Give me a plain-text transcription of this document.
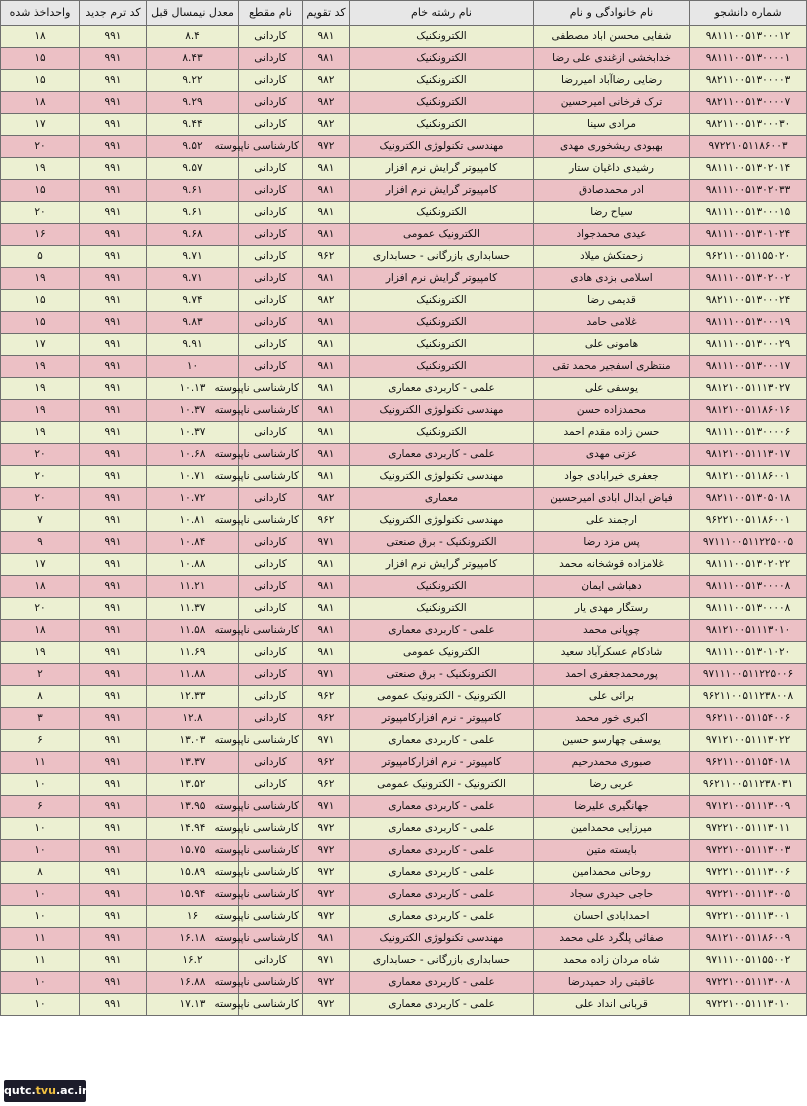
شماره دانشجو	نام خانوادگی و نام	نام رشته خام	کد تقویم	نام مقطع	معدل نیمسال قبل	کد ترم جدید	واحداخذ شده
۹۸۱۱۱۰۰۵۱۳۰۰۰۱۲	شفایی محسن اباد مصطفی	الکترونکنیک	۹۸۱	کاردانی	۸.۴	۹۹۱	۱۸
۹۸۱۱۱۰۰۵۱۳۰۰۰۰۱	خدابخشی ازغندی علی رضا	الکترونکنیک	۹۸۱	کاردانی	۸.۴۳	۹۹۱	۱۵
۹۸۲۱۱۰۰۵۱۳۰۰۰۰۳	رضایی رضاآباد امیررضا	الکترونکنیک	۹۸۲	کاردانی	۹.۲۲	۹۹۱	۱۵
۹۸۲۱۱۰۰۵۱۳۰۰۰۰۷	ترک فرخانی امیرحسین	الکترونکنیک	۹۸۲	کاردانی	۹.۲۹	۹۹۱	۱۸
۹۸۲۱۱۰۰۵۱۳۰۰۰۳۰	مرادی سینا	الکترونکنیک	۹۸۲	کاردانی	۹.۴۴	۹۹۱	۱۷
۹۷۲۲۱۰۵۱۱۸۶۰۰۳	بهبودی ریشخوری مهدی	مهندسی تکنولوژی الکترونیک	۹۷۲	کارشناسی ناپیوسته	۹.۵۲	۹۹۱	۲۰
۹۸۱۱۱۰۰۵۱۳۰۲۰۱۴	رشیدی داغیان ستار	کامپیوتر گرایش نرم افزار	۹۸۱	کاردانی	۹.۵۷	۹۹۱	۱۹
۹۸۱۱۱۰۰۵۱۳۰۲۰۳۳	ادر محمدصادق	کامپیوتر گرایش نرم افزار	۹۸۱	کاردانی	۹.۶۱	۹۹۱	۱۵
۹۸۱۱۱۰۰۵۱۳۰۰۰۱۵	سیاح رضا	الکترونکنیک	۹۸۱	کاردانی	۹.۶۱	۹۹۱	۲۰
۹۸۱۱۱۰۰۵۱۳۰۱۰۲۴	عیدی محمدجواد	الکترونیک عمومی	۹۸۱	کاردانی	۹.۶۸	۹۹۱	۱۶
۹۶۲۱۱۰۰۵۱۱۵۵۰۲۰	زحمتکش میلاد	حسابداری بازرگانی - حسابداری	۹۶۲	کاردانی	۹.۷۱	۹۹۱	۵
۹۸۱۱۱۰۰۵۱۳۰۲۰۰۲	اسلامی بزدی هادی	کامپیوتر گرایش نرم افزار	۹۸۱	کاردانی	۹.۷۱	۹۹۱	۱۹
۹۸۲۱۱۰۰۵۱۳۰۰۰۲۴	قدیمی رضا	الکترونکنیک	۹۸۲	کاردانی	۹.۷۴	۹۹۱	۱۵
۹۸۱۱۱۰۰۵۱۳۰۰۰۱۹	غلامی حامد	الکترونکنیک	۹۸۱	کاردانی	۹.۸۳	۹۹۱	۱۵
۹۸۱۱۱۰۰۵۱۳۰۰۰۲۹	هامونی علی	الکترونکنیک	۹۸۱	کاردانی	۹.۹۱	۹۹۱	۱۷
۹۸۱۱۱۰۰۵۱۳۰۰۰۱۷	منتظری اسفجیر محمد تقی	الکترونکنیک	۹۸۱	کاردانی	۱۰	۹۹۱	۱۹
۹۸۱۲۱۰۰۵۱۱۱۳۰۲۷	یوسفی علی	علمی - کاربردی معماری	۹۸۱	کارشناسی ناپیوسته	۱۰.۱۳	۹۹۱	۱۹
۹۸۱۲۱۰۰۵۱۱۸۶۰۱۶	محمدزاده حسن	مهندسی تکنولوژی الکترونیک	۹۸۱	کارشناسی ناپیوسته	۱۰.۳۷	۹۹۱	۱۹
۹۸۱۱۱۰۰۵۱۳۰۰۰۰۶	حسن زاده مقدم احمد	الکترونکنیک	۹۸۱	کاردانی	۱۰.۳۷	۹۹۱	۱۹
۹۸۱۲۱۰۰۵۱۱۱۳۰۱۷	عزتی مهدی	علمی - کاربردی معماری	۹۸۱	کارشناسی ناپیوسته	۱۰.۶۸	۹۹۱	۲۰
۹۸۱۲۱۰۰۵۱۱۸۶۰۰۱	جعفری خیرابادی جواد	مهندسی تکنولوژی الکترونیک	۹۸۱	کارشناسی ناپیوسته	۱۰.۷۱	۹۹۱	۲۰
۹۸۲۱۱۰۰۵۱۳۰۵۰۱۸	فیاض ابدال ابادی امیرحسین	معماری	۹۸۲	کاردانی	۱۰.۷۲	۹۹۱	۲۰
۹۶۲۲۱۰۰۵۱۱۸۶۰۰۱	ارجمند علی	مهندسی تکنولوژی الکترونیک	۹۶۲	کارشناسی ناپیوسته	۱۰.۸۱	۹۹۱	۷
۹۷۱۱۱۰۰۵۱۱۲۲۵۰۰۵	پس مزد رضا	الکترونکنیک - برق صنعتی	۹۷۱	کاردانی	۱۰.۸۴	۹۹۱	۹
۹۸۱۱۱۰۰۵۱۳۰۲۰۲۲	غلامزاده قوشخانه محمد	کامپیوتر گرایش نرم افزار	۹۸۱	کاردانی	۱۰.۸۸	۹۹۱	۱۷
۹۸۱۱۱۰۰۵۱۳۰۰۰۰۸	دهباشی ایمان	الکترونکنیک	۹۸۱	کاردانی	۱۱.۲۱	۹۹۱	۱۸
۹۸۱۱۱۰۰۵۱۳۰۰۰۰۸	رستگار مهدی یار	الکترونکنیک	۹۸۱	کاردانی	۱۱.۳۷	۹۹۱	۲۰
۹۸۱۲۱۰۰۵۱۱۱۳۰۱۰	چوپانی محمد	علمی - کاربردی معماری	۹۸۱	کارشناسی ناپیوسته	۱۱.۵۸	۹۹۱	۱۸
۹۸۱۱۱۰۰۵۱۳۰۱۰۲۰	شادکام عسکرآباد سعید	الکترونیک عمومی	۹۸۱	کاردانی	۱۱.۶۹	۹۹۱	۱۹
۹۷۱۱۱۰۰۵۱۱۲۲۵۰۰۶	پورمحمدجعفری احمد	الکترونکنیک - برق صنعتی	۹۷۱	کاردانی	۱۱.۸۸	۹۹۱	۲
۹۶۲۱۱۰۰۵۱۱۲۳۸۰۰۸	برائی علی	الکترونیک - الکترونیک عمومی	۹۶۲	کاردانی	۱۲.۳۳	۹۹۱	۸
۹۶۲۱۱۰۰۵۱۱۵۴۰۰۶	اکبری خور محمد	کامپیوتر - نرم افزارکامپیوتر	۹۶۲	کاردانی	۱۲.۸	۹۹۱	۳
۹۷۱۲۱۰۰۵۱۱۱۳۰۲۲	یوسفی چهارسو حسین	علمی - کاربردی معماری	۹۷۱	کارشناسی ناپیوسته	۱۳.۰۳	۹۹۱	۶
۹۶۲۱۱۰۰۵۱۱۵۴۰۱۸	صبوری محمدرحیم	کامپیوتر - نرم افزارکامپیوتر	۹۶۲	کاردانی	۱۳.۳۷	۹۹۱	۱۱
۹۶۲۱۱۰۰۵۱۱۲۳۸۰۳۱	عربی رضا	الکترونیک - الکترونیک عمومی	۹۶۲	کاردانی	۱۳.۵۲	۹۹۱	۱۰
۹۷۱۲۱۰۰۵۱۱۱۳۰۰۹	جهانگیری علیرضا	علمی - کاربردی معماری	۹۷۱	کارشناسی ناپیوسته	۱۳.۹۵	۹۹۱	۶
۹۷۲۲۱۰۰۵۱۱۱۳۰۱۱	میرزایی محمدامین	علمی - کاربردی معماری	۹۷۲	کارشناسی ناپیوسته	۱۴.۹۴	۹۹۱	۱۰
۹۷۲۲۱۰۰۵۱۱۱۳۰۰۳	بایسته متین	علمی - کاربردی معماری	۹۷۲	کارشناسی ناپیوسته	۱۵.۷۵	۹۹۱	۱۰
۹۷۲۲۱۰۰۵۱۱۱۳۰۰۶	روحانی محمدامین	علمی - کاربردی معماری	۹۷۲	کارشناسی ناپیوسته	۱۵.۸۹	۹۹۱	۸
۹۷۲۲۱۰۰۵۱۱۱۳۰۰۵	حاجی حیدری سجاد	علمی - کاربردی معماری	۹۷۲	کارشناسی ناپیوسته	۱۵.۹۴	۹۹۱	۱۰
۹۷۲۲۱۰۰۵۱۱۱۳۰۰۱	احمدابادی احسان	علمی - کاربردی معماری	۹۷۲	کارشناسی ناپیوسته	۱۶	۹۹۱	۱۰
۹۸۱۲۱۰۰۵۱۱۸۶۰۰۹	صفائی پلگرد علی محمد	مهندسی تکنولوژی الکترونیک	۹۸۱	کارشناسی ناپیوسته	۱۶.۱۸	۹۹۱	۱۱
۹۷۱۱۱۰۰۵۱۱۵۵۰۰۲	شاه مردان زاده محمد	حسابداری بازرگانی - حسابداری	۹۷۱	کاردانی	۱۶.۲	۹۹۱	۱۱
۹۷۲۲۱۰۰۵۱۱۱۳۰۰۸	عاقبتی راد حمیدرضا	علمی - کاربردی معماری	۹۷۲	کارشناسی ناپیوسته	۱۶.۸۸	۹۹۱	۱۰
۹۷۲۲۱۰۰۵۱۱۱۳۰۱۰	قربانی انداد علی	علمی - کاربردی معماری	۹۷۲	کارشناسی ناپیوسته	۱۷.۱۳	۹۹۱	۱۰
qutc.tvu.ac.ir
